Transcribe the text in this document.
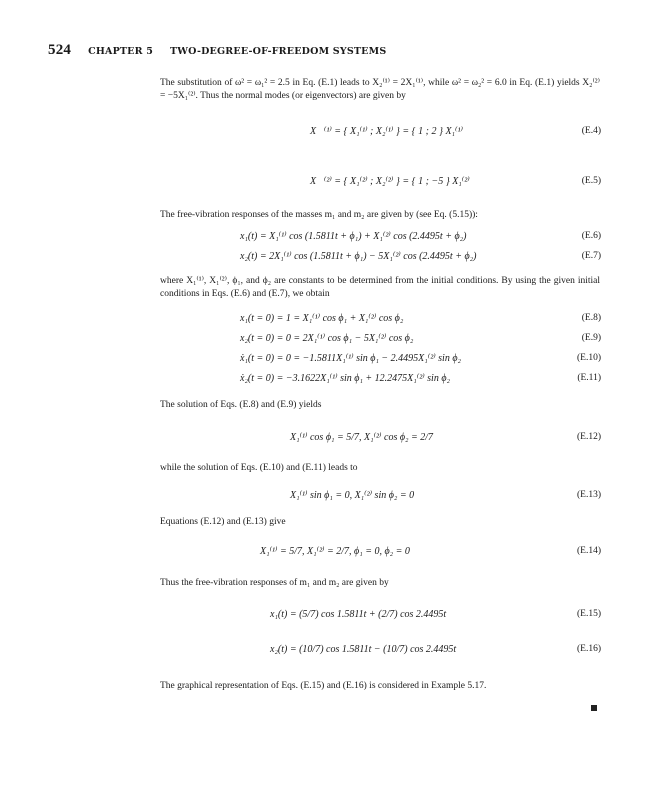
524 CHAPTER 5 TWO-DEGREE-OF-FREEDOM SYSTEMS
The substitution of ω² = ω₁² = 2.5 in Eq. (E.1) leads to X₂⁽¹⁾ = 2X₁⁽¹⁾, while ω² = ω₂² = 6.0 in Eq. (E.1) yields X₂⁽²⁾ = −5X₁⁽²⁾. Thus the normal modes (or eigenvectors) are given by
X⃗⁽¹⁾ = { X₁⁽¹⁾ ; X₂⁽¹⁾ } = { 1 ; 2 } X₁⁽¹⁾	(E.4)
X⃗⁽²⁾ = { X₁⁽²⁾ ; X₂⁽²⁾ } = { 1 ; −5 } X₁⁽²⁾	(E.5)
The free-vibration responses of the masses m₁ and m₂ are given by (see Eq. (5.15)):
x₁(t) = X₁⁽¹⁾ cos (1.5811t + ϕ₁) + X₁⁽²⁾ cos (2.4495t + ϕ₂)	(E.6)
x₂(t) = 2X₁⁽¹⁾ cos (1.5811t + ϕ₁) − 5X₁⁽²⁾ cos (2.4495t + ϕ₂)	(E.7)
where X₁⁽¹⁾, X₁⁽²⁾, ϕ₁, and ϕ₂ are constants to be determined from the initial conditions. By using the given initial conditions in Eqs. (E.6) and (E.7), we obtain
x₁(t = 0) = 1 = X₁⁽¹⁾ cos ϕ₁ + X₁⁽²⁾ cos ϕ₂	(E.8)
x₂(t = 0) = 0 = 2X₁⁽¹⁾ cos ϕ₁ − 5X₁⁽²⁾ cos ϕ₂	(E.9)
ẋ₁(t = 0) = 0 = −1.5811X₁⁽¹⁾ sin ϕ₁ − 2.4495X₁⁽²⁾ sin ϕ₂	(E.10)
ẋ₂(t = 0) = −3.1622X₁⁽¹⁾ sin ϕ₁ + 12.2475X₁⁽²⁾ sin ϕ₂	(E.11)
The solution of Eqs. (E.8) and (E.9) yields
X₁⁽¹⁾ cos ϕ₁ = 5/7, X₁⁽²⁾ cos ϕ₂ = 2/7	(E.12)
while the solution of Eqs. (E.10) and (E.11) leads to
X₁⁽¹⁾ sin ϕ₁ = 0, X₁⁽²⁾ sin ϕ₂ = 0	(E.13)
Equations (E.12) and (E.13) give
X₁⁽¹⁾ = 5/7, X₁⁽²⁾ = 2/7, ϕ₁ = 0, ϕ₂ = 0	(E.14)
Thus the free-vibration responses of m₁ and m₂ are given by
x₁(t) = (5/7) cos 1.5811t + (2/7) cos 2.4495t	(E.15)
x₂(t) = (10/7) cos 1.5811t − (10/7) cos 2.4495t	(E.16)
The graphical representation of Eqs. (E.15) and (E.16) is considered in Example 5.17.
